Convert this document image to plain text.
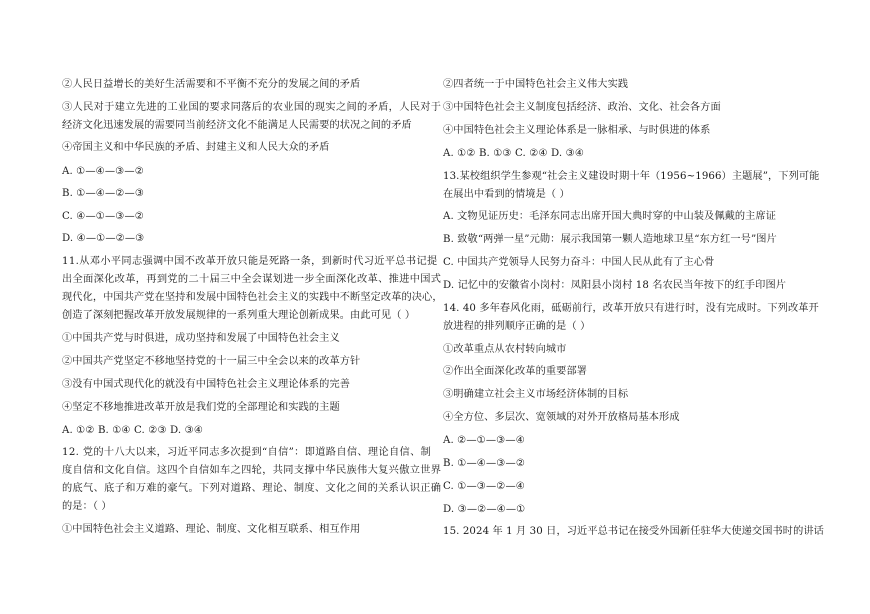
②人民日益增长的美好生活需要和不平衡不充分的发展之间的矛盾
③人民对于建立先进的工业国的要求同落后的农业国的现实之间的矛盾，人民对于
经济文化迅速发展的需要同当前经济文化不能满足人民需要的状况之间的矛盾
④帝国主义和中华民族的矛盾、封建主义和人民大众的矛盾
A. ①—④—③—②
B. ①—④—②—③
C. ④—①—③—②
D. ④—①—②—③
11.从邓小平同志强调中国不改革开放只能是死路一条，到新时代习近平总书记提
出全面深化改革，再到党的二十届三中全会谋划进一步全面深化改革、推进中国式
现代化，中国共产党在坚持和发展中国特色社会主义的实践中不断坚定改革的决心，
创造了深刻把握改革开放发展规律的一系列重大理论创新成果。由此可见（ ）
①中国共产党与时俱进，成功坚持和发展了中国特色社会主义
②中国共产党坚定不移地坚持党的十一届三中全会以来的改革方针
③没有中国式现代化的就没有中国特色社会主义理论体系的完善
④坚定不移地推进改革开放是我们党的全部理论和实践的主题
A. ①② B. ①④ C. ②③ D. ③④
12. 党的十八大以来，习近平同志多次提到“自信”：即道路自信、理论自信、制
度自信和文化自信。这四个自信如车之四轮，共同支撑中华民族伟大复兴傲立世界
的底气、底子和万难的豪气。下列对道路、理论、制度、文化之间的关系认识正确
的是：（ ）
①中国特色社会主义道路、理论、制度、文化相互联系、相互作用
②四者统一于中国特色社会主义伟大实践
③中国特色社会主义制度包括经济、政治、文化、社会各方面
④中国特色社会主义理论体系是一脉相承、与时俱进的体系
A. ①② B. ①③ C. ②④ D. ③④
13.某校组织学生参观“社会主义建设时期十年（1956~1966）主题展”，下列可能
在展出中看到的情境是（ ）
A. 文物见证历史：毛泽东同志出席开国大典时穿的中山装及佩戴的主席证
B. 致敬“两弹一星”元勋：展示我国第一颗人造地球卫星“东方红一号”图片
C. 中国共产党领导人民努力奋斗：中国人民从此有了主心骨
D. 记忆中的安徽省小岗村：凤阳县小岗村 18 名农民当年按下的红手印图片
14. 40 多年春风化雨，砥砺前行，改革开放只有进行时，没有完成时。下列改革开
放进程的排列顺序正确的是（ ）
①改革重点从农村转向城市
②作出全面深化改革的重要部署
③明确建立社会主义市场经济体制的目标
④全方位、多层次、宽领域的对外开放格局基本形成
A. ②—①—③—④
B. ①—④—③—②
C. ①—③—②—④
D. ③—②—④—①
15. 2024 年 1 月 30 日，习近平总书记在接受外国新任驻华大使递交国书时的讲话
